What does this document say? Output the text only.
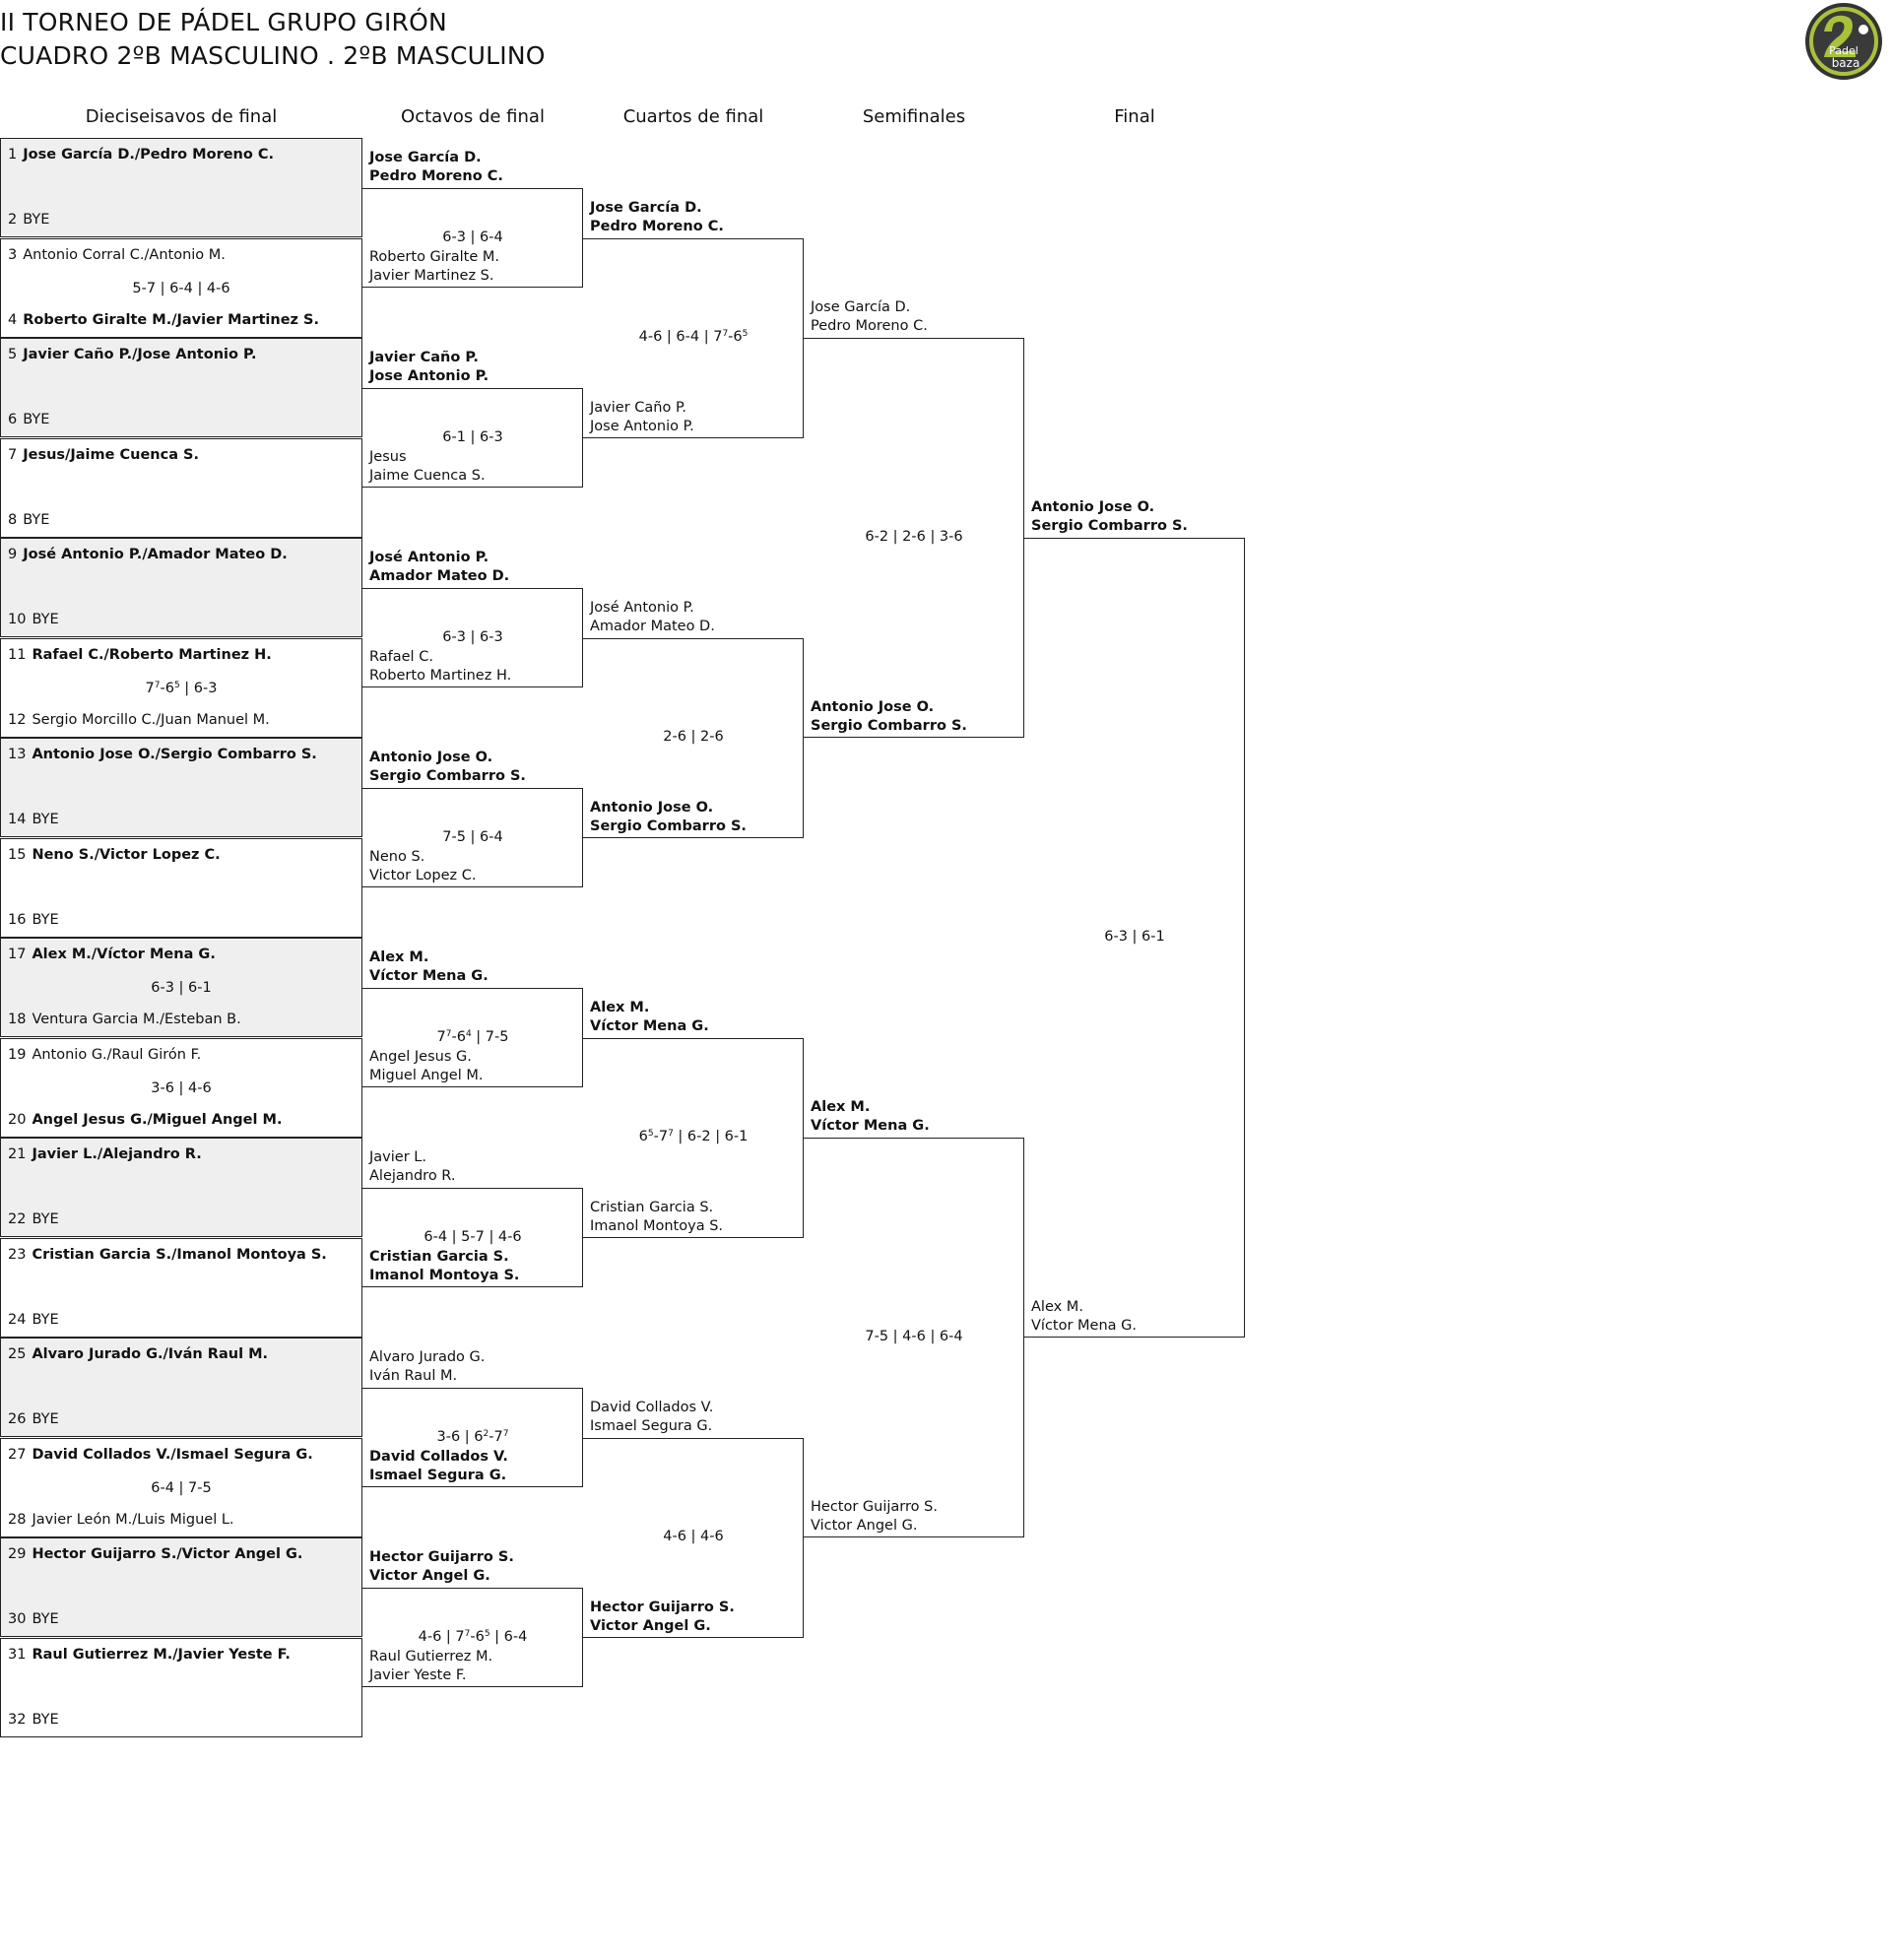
II TORNEO DE PÁDEL GRUPO GIRÓN
CUADRO 2ºB MASCULINO . 2ºB MASCULINO	Padel
baza
Dieciseisavos de final	Octavos de final	Cuartos de final	Semifinales	Final
1 Jose García D./Pedro Moreno C.
2 BYE
3 Antonio Corral C./Antonio M.
4 Roberto Giralte M./Javier Martinez S.
5-7 | 6-4 | 4-6
5 Javier Caño P./Jose Antonio P.
6 BYE
7 Jesus/Jaime Cuenca S.
8 BYE
9 José Antonio P./Amador Mateo D.
10 BYE
11 Rafael C./Roberto Martinez H.
12 Sergio Morcillo C./Juan Manuel M.
$7^7-6^5$ | 6-3
13 Antonio Jose O./Sergio Combarro S.
14 BYE
15 Neno S./Victor Lopez C.
16 BYE
17 Alex M./Víctor Mena G.
18 Ventura Garcia M./Esteban B.
6-3 | 6-1
19 Antonio G./Raul Girón F.
20 Angel Jesus G./Miguel Angel M.
3-6 | 4-6
21 Javier L./Alejandro R.
22 BYE
23 Cristian Garcia S./Imanol Montoya S.
24 BYE
25 Alvaro Jurado G./Iván Raul M.
26 BYE
27 David Collados V./Ismael Segura G.
28 Javier León M./Luis Miguel L.
6-4 | 7-5
29 Hector Guijarro S./Victor Angel G.
30 BYE
31 Raul Gutierrez M./Javier Yeste F.
32 BYE
Jose García D.
Pedro Moreno C.
Roberto Giralte M.
Javier Martinez S.
6-3 | 6-4
Javier Caño P.
Jose Antonio P.
Jesus
Jaime Cuenca S.
6-1 | 6-3
José Antonio P.
Amador Mateo D.
Rafael C.
Roberto Martinez H.
6-3 | 6-3
Antonio Jose O.
Sergio Combarro S.
Neno S.
Victor Lopez C.
7-5 | 6-4
Alex M.
Víctor Mena G.
Angel Jesus G.
Miguel Angel M.
$7^7-6^4$ | 7-5
Javier L.
Alejandro R.
Cristian Garcia S.
Imanol Montoya S.
6-4 | 5-7 | 4-6
Alvaro Jurado G.
Iván Raul M.
David Collados V.
Ismael Segura G.
3-6 | $6^2-7^7$
Hector Guijarro S.
Victor Angel G.
Raul Gutierrez M.
Javier Yeste F.
4-6 | $7^7-6^5$ | 6-4
Jose García D.
Pedro Moreno C.
Javier Caño P.
Jose Antonio P.
4-6 | 6-4 | $7^7-6^5$
José Antonio P.
Amador Mateo D.
Antonio Jose O.
Sergio Combarro S.
2-6 | 2-6
Alex M.
Víctor Mena G.
Cristian Garcia S.
Imanol Montoya S.
$6^5-7^7$ | 6-2 | 6-1
David Collados V.
Ismael Segura G.
Hector Guijarro S.
Victor Angel G.
4-6 | 4-6
Jose García D.
Pedro Moreno C.
Antonio Jose O.
Sergio Combarro S.
6-2 | 2-6 | 3-6
Alex M.
Víctor Mena G.
Hector Guijarro S.
Victor Angel G.
7-5 | 4-6 | 6-4
Antonio Jose O.
Sergio Combarro S.
Alex M.
Víctor Mena G.
6-3 | 6-1
